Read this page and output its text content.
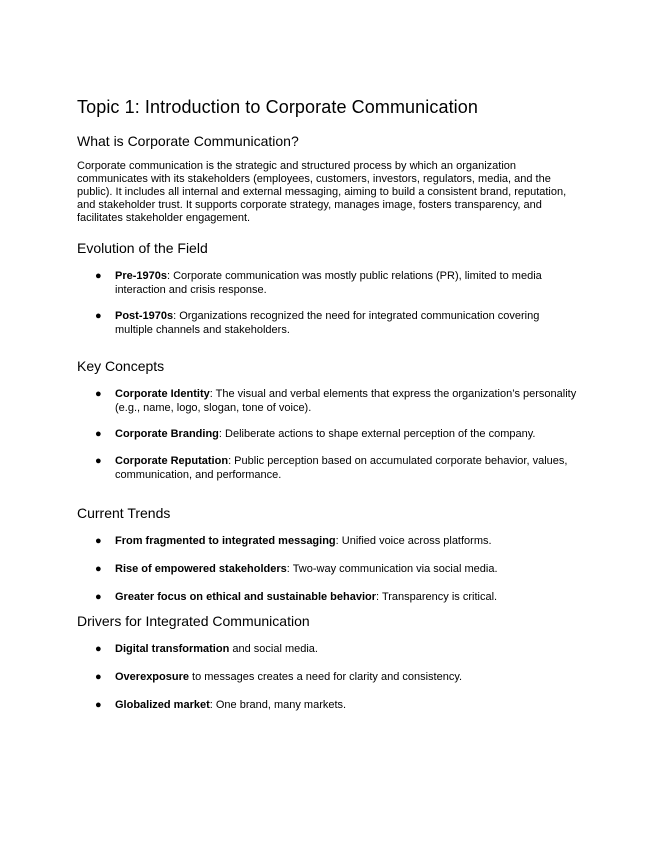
Topic 1: Introduction to Corporate Communication
What is Corporate Communication?

Corporate communication is the strategic and structured process by which an organization communicates with its stakeholders (employees, customers, investors, regulators, media, and the public). It includes all internal and external messaging, aiming to build a consistent brand, reputation, and stakeholder trust. It supports corporate strategy, manages image, fosters transparency, and facilitates stakeholder engagement.

Evolution of the Field
● Pre-1970s: Corporate communication was mostly public relations (PR), limited to media interaction and crisis response.
● Post-1970s: Organizations recognized the need for integrated communication covering multiple channels and stakeholders.
Key Concepts
● Corporate Identity: The visual and verbal elements that express the organization’s personality (e.g., name, logo, slogan, tone of voice).
● Corporate Branding: Deliberate actions to shape external perception of the company.
● Corporate Reputation: Public perception based on accumulated corporate behavior, values, communication, and performance.
Current Trends
● From fragmented to integrated messaging: Unified voice across platforms.
● Rise of empowered stakeholders: Two-way communication via social media.
● Greater focus on ethical and sustainable behavior: Transparency is critical.
Drivers for Integrated Communication
● Digital transformation and social media.
● Overexposure to messages creates a need for clarity and consistency.
● Globalized market: One brand, many markets.
